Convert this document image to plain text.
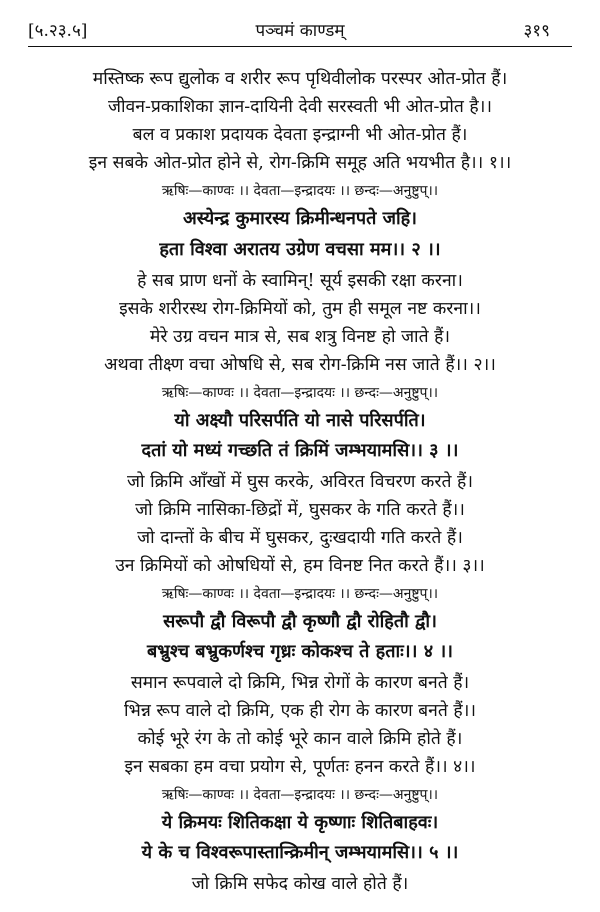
[५.२३.५]	पञ्चमं काण्डम्	३१९
मस्तिष्क रूप द्युलोक व शरीर रूप पृथिवीलोक परस्पर ओत-प्रोत हैं।
जीवन-प्रकाशिका ज्ञान-दायिनी देवी सरस्वती भी ओत-प्रोत है।।
बल व प्रकाश प्रदायक देवता इन्द्राग्नी भी ओत-प्रोत हैं।
इन सबके ओत-प्रोत होने से, रोग-क्रिमि समूह अति भयभीत है।। १।।
ऋषिः—काण्वः ।। देवता—इन्द्रादयः ।। छन्दः—अनुष्टुप्।।
अस्येन्द्र कुमारस्य क्रिमीन्धनपते जहि।
हता विश्वा अरातय उग्रेण वचसा मम।। २ ।।
हे सब प्राण धनों के स्वामिन्! सूर्य इसकी रक्षा करना।
इसके शरीरस्थ रोग-क्रिमियों को, तुम ही समूल नष्ट करना।।
मेरे उग्र वचन मात्र से, सब शत्रु विनष्ट हो जाते हैं।
अथवा तीक्ष्ण वचा ओषधि से, सब रोग-क्रिमि नस जाते हैं।। २।।
ऋषिः—काण्वः ।। देवता—इन्द्रादयः ।। छन्दः—अनुष्टुप्।।
यो अक्ष्यौ परिसर्पति यो नासे परिसर्पति।
दतां यो मध्यं गच्छति तं क्रिमिं जम्भयामसि।। ३ ।।
जो क्रिमि आँखों में घुस करके, अविरत विचरण करते हैं।
जो क्रिमि नासिका-छिद्रों में, घुसकर के गति करते हैं।।
जो दान्तों के बीच में घुसकर, दुःखदायी गति करते हैं।
उन क्रिमियों को ओषधियों से, हम विनष्ट नित करते हैं।। ३।।
ऋषिः—काण्वः ।। देवता—इन्द्रादयः ।। छन्दः—अनुष्टुप्।।
सरूपौ द्वौ विरूपौ द्वौ कृष्णौ द्वौ रोहितौ द्वौ।
बभ्रुश्च बभ्रुकर्णश्च गृध्रः कोकश्च ते हताः।। ४ ।।
समान रूपवाले दो क्रिमि, भिन्न रोगों के कारण बनते हैं।
भिन्न रूप वाले दो क्रिमि, एक ही रोग के कारण बनते हैं।।
कोई भूरे रंग के तो कोई भूरे कान वाले क्रिमि होते हैं।
इन सबका हम वचा प्रयोग से, पूर्णतः हनन करते हैं।। ४।।
ऋषिः—काण्वः ।। देवता—इन्द्रादयः ।। छन्दः—अनुष्टुप्।।
ये क्रिमयः शितिकक्षा ये कृष्णाः शितिबाहवः।
ये के च विश्वरूपास्तान्क्रिमीन् जम्भयामसि।। ५ ।।
जो क्रिमि सफेद कोख वाले होते हैं।
